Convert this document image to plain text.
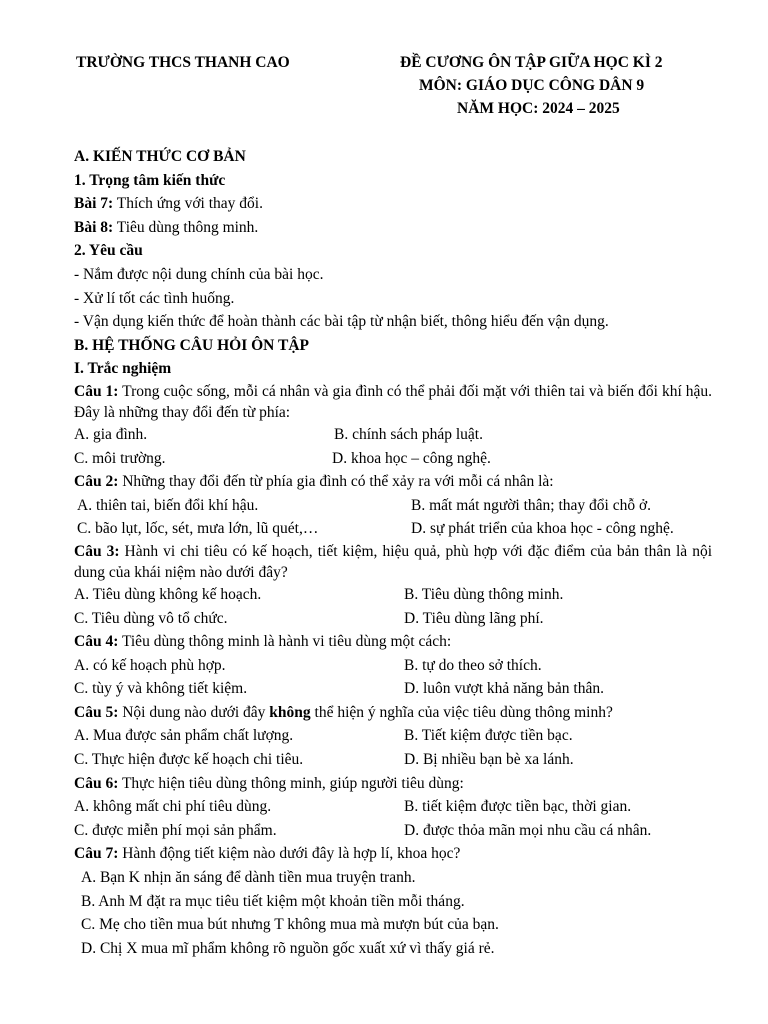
TRƯỜNG THCS THANH CAO	ĐỀ CƯƠNG ÔN TẬP GIỮA HỌC KÌ 2
MÔN: GIÁO DỤC CÔNG DÂN 9
NĂM HỌC: 2024 – 2025
A. KIẾN THỨC CƠ BẢN
1. Trọng tâm kiến thức
Bài 7: Thích ứng với thay đổi.
Bài 8: Tiêu dùng thông minh.
2. Yêu cầu
- Nắm được nội dung chính của bài học.
- Xử lí tốt các tình huống.
- Vận dụng kiến thức để hoàn thành các bài tập từ nhận biết, thông hiểu đến vận dụng.
B. HỆ THỐNG CÂU HỎI ÔN TẬP
I. Trắc nghiệm
Câu 1: Trong cuộc sống, mỗi cá nhân và gia đình có thể phải đối mặt với thiên tai và biến đổi khí hậu. Đây là những thay đổi đến từ phía:
A. gia đình.	B. chính sách pháp luật.
C. môi trường.	D. khoa học – công nghệ.
Câu 2: Những thay đổi đến từ phía gia đình có thể xảy ra với mỗi cá nhân là:
A. thiên tai, biến đổi khí hậu.	B. mất mát người thân; thay đổi chỗ ở.
C. bão lụt, lốc, sét, mưa lớn, lũ quét,…	D. sự phát triển của khoa học - công nghệ.
Câu 3: Hành vi chi tiêu có kế hoạch, tiết kiệm, hiệu quả, phù hợp với đặc điểm của bản thân là nội dung của khái niệm nào dưới đây?
A. Tiêu dùng không kế hoạch.	B. Tiêu dùng thông minh.
C. Tiêu dùng vô tổ chức.	D. Tiêu dùng lãng phí.
Câu 4: Tiêu dùng thông minh là hành vi tiêu dùng một cách:
A. có kế hoạch phù hợp.	B. tự do theo sở thích.
C. tùy ý và không tiết kiệm.	D. luôn vượt khả năng bản thân.
Câu 5: Nội dung nào dưới đây không thể hiện ý nghĩa của việc tiêu dùng thông minh?
A. Mua được sản phẩm chất lượng.	B. Tiết kiệm được tiền bạc.
C. Thực hiện được kế hoạch chi tiêu.	D. Bị nhiều bạn bè xa lánh.
Câu 6: Thực hiện tiêu dùng thông minh, giúp người tiêu dùng:
A. không mất chi phí tiêu dùng.	B. tiết kiệm được tiền bạc, thời gian.
C. được miễn phí mọi sản phẩm.	D. được thỏa mãn mọi nhu cầu cá nhân.
Câu 7: Hành động tiết kiệm nào dưới đây là hợp lí, khoa học?
A. Bạn K nhịn ăn sáng để dành tiền mua truyện tranh.
B. Anh M đặt ra mục tiêu tiết kiệm một khoản tiền mỗi tháng.
C. Mẹ cho tiền mua bút nhưng T không mua mà mượn bút của bạn.
D. Chị X mua mĩ phẩm không rõ nguồn gốc xuất xứ vì thấy giá rẻ.
